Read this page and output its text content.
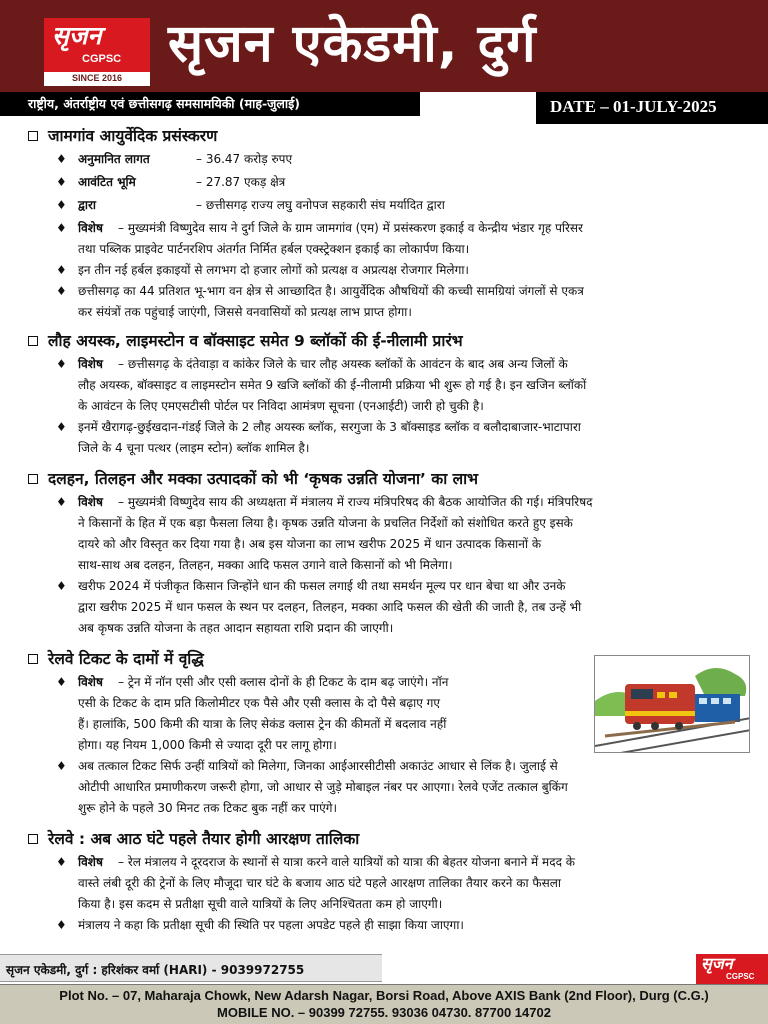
सृजन
CGPSC
SINCE 2016
सृजन एकेडमी, दुर्ग
राष्ट्रीय, अंतर्राष्ट्रीय एवं छत्तीसगढ़ समसामयिकी (माह-जुलाई)	DATE – 01-JULY-2025
जामगांव आयुर्वेदिक प्रसंस्करण
♦ अनुमानित लागत	– 36.47 करोड़ रुपए
♦ आवंटित भूमि	– 27.87 एकड़ क्षेत्र
♦ द्वारा	– छत्तीसगढ़ राज्य लघु वनोपज सहकारी संघ मर्यादित द्वारा
♦ विशेष – मुख्यमंत्री विष्णुदेव साय ने दुर्ग जिले के ग्राम जामगांव (एम) में प्रसंस्करण इकाई व केन्द्रीय भंडार गृह परिसर
तथा पब्लिक प्राइवेट पार्टनरशिप अंतर्गत निर्मित हर्बल एक्स्ट्रेक्शन इकाई का लोकार्पण किया।
♦ इन तीन नई हर्बल इकाइयों से लगभग दो हजार लोगों को प्रत्यक्ष व अप्रत्यक्ष रोजगार मिलेगा।
♦ छत्तीसगढ़ का 44 प्रतिशत भू-भाग वन क्षेत्र से आच्छादित है। आयुर्वेदिक औषधियों की कच्ची सामग्रियां जंगलों से एकत्र
कर संयंत्रों तक पहुंचाई जाएंगी, जिससे वनवासियों को प्रत्यक्ष लाभ प्राप्त होगा।
लौह अयस्क, लाइमस्टोन व बॉक्साइट समेत 9 ब्लॉकों की ई-नीलामी प्रारंभ
♦ विशेष – छत्तीसगढ़ के दंतेवाड़ा व कांकेर जिले के चार लौह अयस्क ब्लॉकों के आवंटन के बाद अब अन्य जिलों के
लौह अयस्क, बॉक्साइट व लाइमस्टोन समेत 9 खजि ब्लॉकों की ई-नीलामी प्रक्रिया भी शुरू हो गई है। इन खजिन ब्लॉकों
के आवंटन के लिए एमएसटीसी पोर्टल पर निविदा आमंत्रण सूचना (एनआईटी) जारी हो चुकी है।
♦ इनमें खैरागढ़-छुईखदान-गंडई जिले के 2 लौह अयस्क ब्लॉक, सरगुजा के 3 बॉक्साइड ब्लॉक व बलौदाबाजार-भाटापारा
जिले के 4 चूना पत्थर (लाइम स्टोन) ब्लॉक शामिल है।
दलहन, तिलहन और मक्का उत्पादकों को भी ‘कृषक उन्नति योजना’ का लाभ
♦ विशेष – मुख्यमंत्री विष्णुदेव साय की अध्यक्षता में मंत्रालय में राज्य मंत्रिपरिषद की बैठक आयोजित की गई। मंत्रिपरिषद
ने किसानों के हित में एक बड़ा फैसला लिया है। कृषक उन्नति योजना के प्रचलित निर्देशों को संशोधित करते हुए इसके
दायरे को और विस्तृत कर दिया गया है। अब इस योजना का लाभ खरीफ 2025 में धान उत्पादक किसानों के
साथ-साथ अब दलहन, तिलहन, मक्का आदि फसल उगाने वाले किसानों को भी मिलेगा।
♦ खरीफ 2024 में पंजीकृत किसान जिन्होंने धान की फसल लगाई थी तथा समर्थन मूल्य पर धान बेचा था और उनके
द्वारा खरीफ 2025 में धान फसल के स्थन पर दलहन, तिलहन, मक्का आदि फसल की खेती की जाती है, तब उन्हें भी
अब कृषक उन्नति योजना के तहत आदान सहायता राशि प्रदान की जाएगी।
रेलवे टिकट के दामों में वृद्धि
♦ विशेष – ट्रेन में नॉन एसी और एसी क्लास दोनों के ही टिकट के दाम बढ़ जाएंगे। नॉन
एसी के टिकट के दाम प्रति किलोमीटर एक पैसे और एसी क्लास के दो पैसे बढ़ाए गए
हैं। हालांकि, 500 किमी की यात्रा के लिए सेकंड क्लास ट्रेन की कीमतों में बदलाव नहीं
होगा। यह नियम 1,000 किमी से ज्यादा दूरी पर लागू होगा।
♦ अब तत्काल टिकट सिर्फ उन्हीं यात्रियों को मिलेगा, जिनका आईआरसीटीसी अकाउंट आधार से लिंक है। जुलाई से
ओटीपी आधारित प्रमाणीकरण जरूरी होगा, जो आधार से जुड़े मोबाइल नंबर पर आएगा। रेलवे एजेंट तत्काल बुकिंग
शुरू होने के पहले 30 मिनट तक टिकट बुक नहीं कर पाएंगे।
रेलवे : अब आठ घंटे पहले तैयार होगी आरक्षण तालिका
♦ विशेष – रेल मंत्रालय ने दूरदराज के स्थानों से यात्रा करने वाले यात्रियों को यात्रा की बेहतर योजना बनाने में मदद के
वास्ते लंबी दूरी की ट्रेनों के लिए मौजूदा चार घंटे के बजाय आठ घंटे पहले आरक्षण तालिका तैयार करने का फैसला
किया है। इस कदम से प्रतीक्षा सूची वाले यात्रियों के लिए अनिश्चितता कम हो जाएगी।
♦ मंत्रालय ने कहा कि प्रतीक्षा सूची की स्थिति पर पहला अपडेट पहले ही साझा किया जाएगा।
सृजन एकेडमी, दुर्ग : हरिशंकर वर्मा (HARI) - 9039972755	सृजन
CGPSC
Plot No. – 07, Maharaja Chowk, New Adarsh Nagar, Borsi Road, Above AXIS Bank (2nd Floor), Durg (C.G.)
MOBILE NO. – 90399 72755. 93036 04730. 87700 14702
